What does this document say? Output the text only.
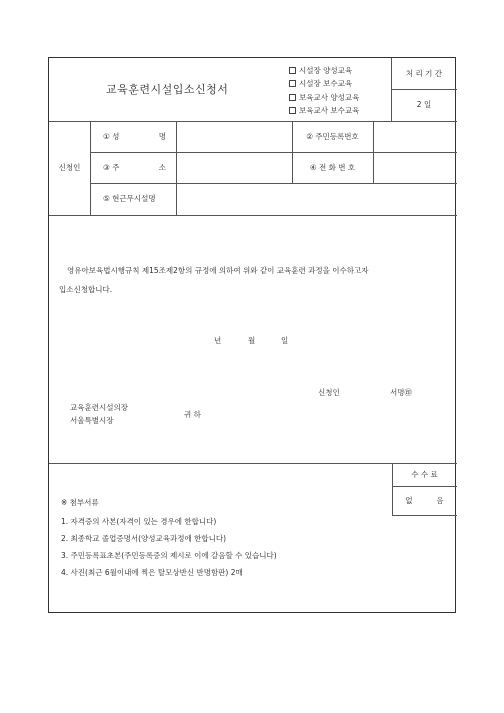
교육훈련시설입소신청서
시설장 양성교육
시설장 보수교육
보육교사 양성교육
보육교사 보수교육
처 리 기 간
2 일
신청인
① 성	명	② 주민등록번호
③ 주	소	④ 전 화 번 호
⑤ 현근무시설명
영유아보육법시행규칙 제15조제2항의 규정에 의하여 위와 같이 교육훈련 과정을 이수하고자
입소신청합니다.
년	월	일
신청인	서명㊞
교육훈련시설의장
서울특별시장
귀 하
수 수 료
없          음
※ 첨부서류
1. 자격증의 사본(자격이 있는 경우에 한합니다)
2. 최종학교 졸업증명서(양성교육과정에 한합니다)
3. 주민등록표초본(주민등록증의 제시로 이에 갈음할 수 있습니다)
4. 사진(최근 6월이내에 찍은 탈모상반신 반명함판) 2매
